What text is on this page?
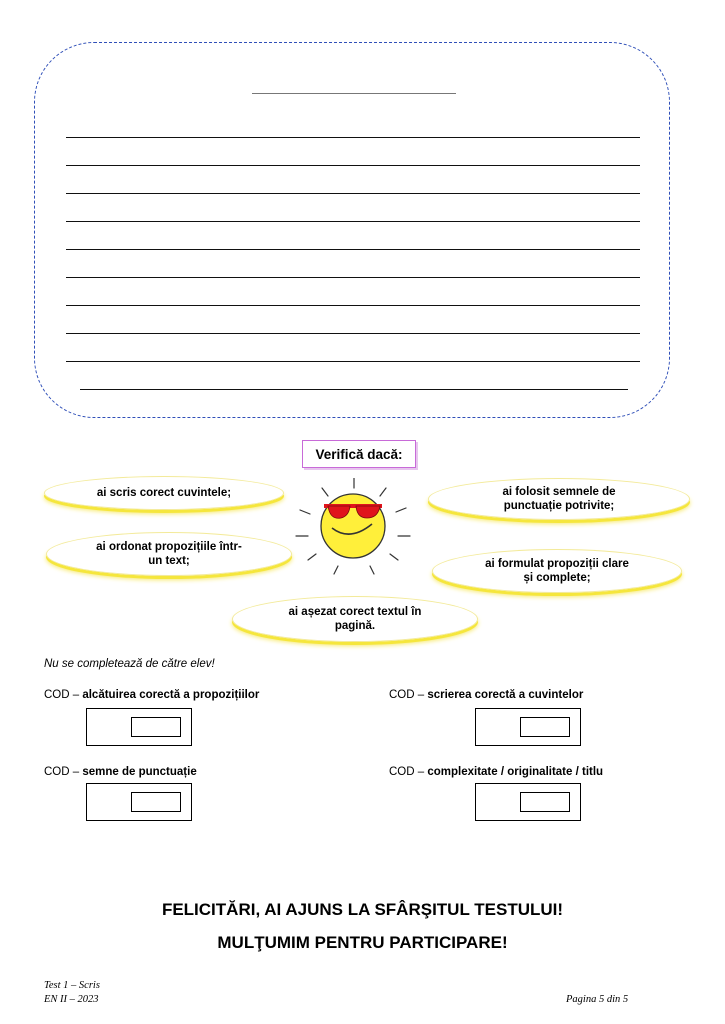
Verifică dacă:
ai scris corect cuvintele;	ai folosit semnele de punctuație potrivite;
ai ordonat propozițiile într-un text;	ai formulat propoziții clare și complete;
ai așezat corect textul în pagină.
Nu se completează de către elev!
COD – alcătuirea corectă a propozițiilor	COD – scrierea corectă a cuvintelor
COD – semne de punctuație	COD – complexitate / originalitate / titlu
FELICITĂRI, AI AJUNS LA SFÂRŞITUL TESTULUI!
MULŢUMIM PENTRU PARTICIPARE!
Test 1 – Scris
EN II – 2023	Pagina 5 din 5
